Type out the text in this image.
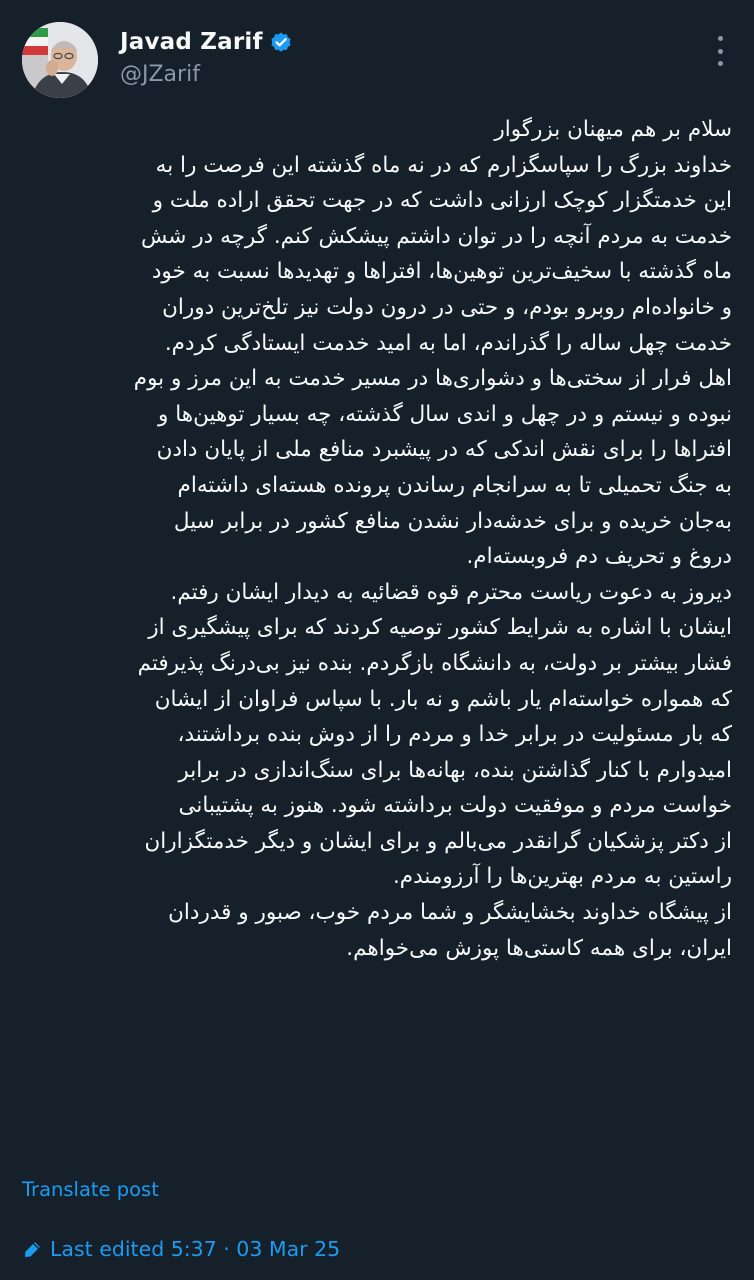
Javad Zarif
@JZarif
سلام بر هم میهنان بزرگوار
خداوند بزرگ را سپاسگزارم که در نه ماه گذشته این فرصت را به
این خدمتگزار کوچک ارزانی داشت که در جهت تحقق اراده ملت و
خدمت به مردم آنچه را در توان داشتم پیشکش کنم. گرچه در شش
ماه گذشته با سخیف‌ترین توهین‌ها، افتراها و تهدیدها نسبت به خود
و خانواده‌ام روبرو بودم، و حتی در درون دولت نیز تلخ‌ترین دوران
خدمت چهل ساله را گذراندم، اما به امید خدمت ایستادگی کردم.
اهل فرار از سختی‌ها و دشواری‌ها در مسیر خدمت به این مرز و بوم
نبوده و نیستم و در چهل و اندی سال گذشته، چه بسیار توهین‌ها و
افتراها را برای نقش اندکی که در پیشبرد منافع ملی از پایان دادن
به جنگ تحمیلی تا به سرانجام رساندن پرونده هسته‌ای داشته‌ام
به‌جان خریده و برای خدشه‌دار نشدن منافع کشور در برابر سیل
دروغ و تحریف دم فروبسته‌ام.
دیروز به دعوت ریاست محترم قوه قضائیه به دیدار ایشان رفتم.
ایشان با اشاره به شرایط کشور توصیه کردند که برای پیشگیری از
فشار بیشتر بر دولت، به دانشگاه بازگردم. بنده نیز بی‌درنگ پذیرفتم
که همواره خواسته‌ام یار باشم و نه بار. با سپاس فراوان از ایشان
که بار مسئولیت در برابر خدا و مردم را از دوش بنده برداشتند،
امیدوارم با کنار گذاشتن بنده، بهانه‌ها برای سنگ‌اندازی در برابر
خواست مردم و موفقیت دولت برداشته شود. هنوز به پشتیبانی
از دکتر پزشکیان گرانقدر می‌بالم و برای ایشان و دیگر خدمتگزاران
راستین به مردم بهترین‌ها را آرزومندم.
از پیشگاه خداوند بخشایشگر و شما مردم خوب، صبور و قدردان
ایران، برای همه کاستی‌ها پوزش می‌خواهم.
Translate post
Last edited 5:37 · 03 Mar 25
